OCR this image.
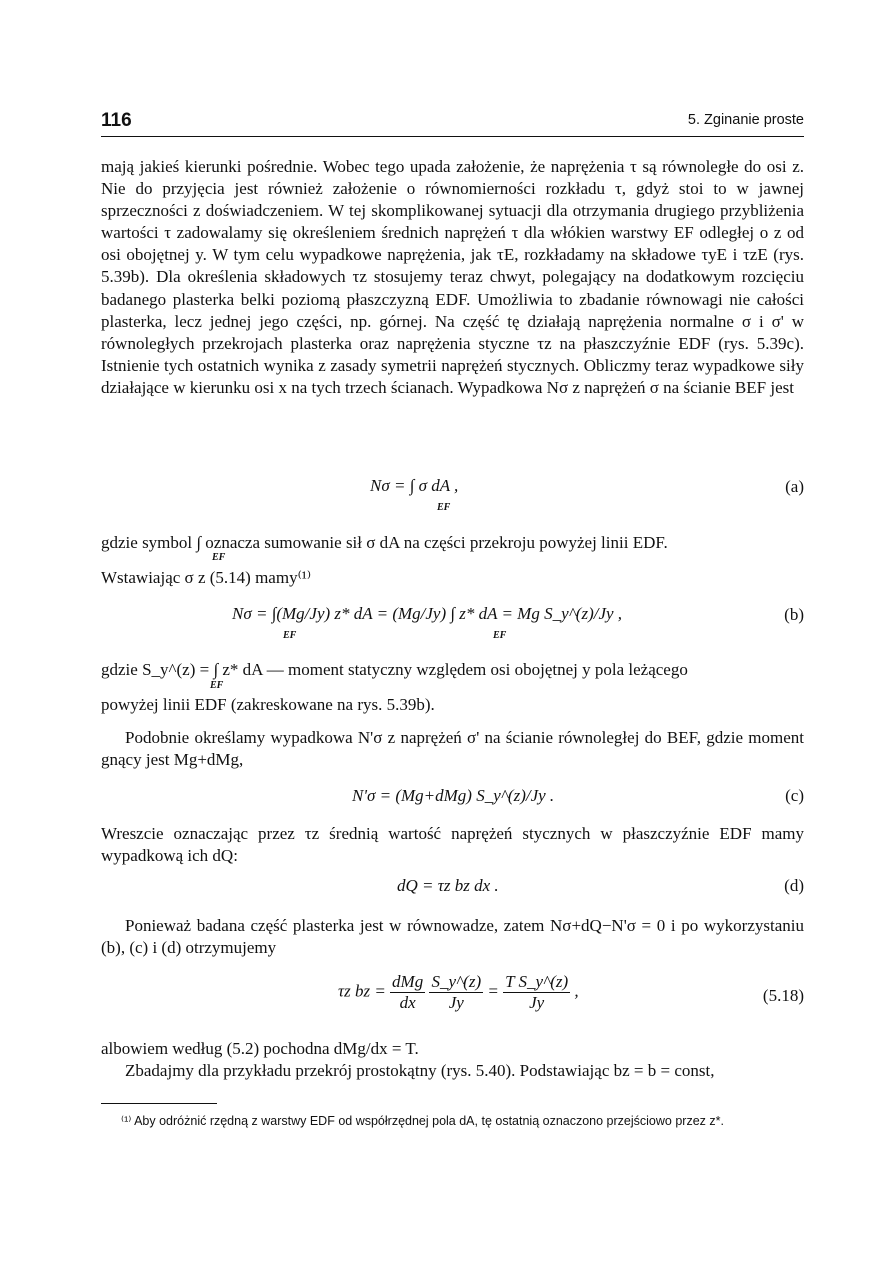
116	5. Zginanie proste

mają jakieś kierunki pośrednie. Wobec tego upada założenie, że naprężenia τ są równoległe do osi z. Nie do przyjęcia jest również założenie o równomierności rozkładu τ, gdyż stoi to w jawnej sprzeczności z doświadczeniem. W tej skomplikowanej sytuacji dla otrzymania drugiego przybliżenia wartości τ zadowalamy się określeniem średnich naprężeń τ dla włókien warstwy EF odległej o z od osi obojętnej y. W tym celu wypadkowe naprężenia, jak τE, rozkładamy na składowe τyE i τzE (rys. 5.39b). Dla określenia składowych τz stosujemy teraz chwyt, polegający na dodatkowym rozcięciu badanego plasterka belki poziomą płaszczyzną EDF. Umożliwia to zbadanie równowagi nie całości plasterka, lecz jednej jego części, np. górnej. Na część tę działają naprężenia normalne σ i σ' w równoległych przekrojach plasterka oraz naprężenia styczne τz na płaszczyźnie EDF (rys. 5.39c). Istnienie tych ostatnich wynika z zasady symetrii naprężeń stycznych. Obliczmy teraz wypadkowe siły działające w kierunku osi x na tych trzech ścianach. Wypadkowa Nσ z naprężeń σ na ścianie BEF jest

Nσ = ∫ σ dA ,
EF
(a)

gdzie symbol ∫ oznacza sumowanie sił σ dA na części przekroju powyżej linii EDF.

EF

Wstawiając σ z (5.14) mamy⁽¹⁾

Nσ = ∫(Mg/Jy) z* dA = (Mg/Jy) ∫ z* dA = Mg S_y^(z)/Jy ,
EF	EF
(b)

gdzie S_y^(z) = ∫ z* dA — moment statyczny względem osi obojętnej y pola leżącego

EF

powyżej linii EDF (zakreskowane na rys. 5.39b).

Podobnie określamy wypadkowa N'σ z naprężeń σ' na ścianie równoległej do BEF, gdzie moment gnący jest Mg+dMg,

N'σ = (Mg+dMg) S_y^(z)/Jy .	(c)

Wreszcie oznaczając przez τz średnią wartość naprężeń stycznych w płaszczyźnie EDF mamy wypadkową ich dQ:

dQ = τz bz dx .	(d)

Ponieważ badana część plasterka jest w równowadze, zatem Nσ+dQ−N'σ = 0 i po wykorzystaniu (b), (c) i (d) otrzymujemy

τz bz = $\frac{\text{dMg}}{dx}$
$\frac{S\_y\^{}(z)}{Jy} = \frac{\text{T S\_y\textasciicircum{}(z)}}{Jy}$ ,	(5.18)

albowiem według (5.2) pochodna dMg/dx = T.

Zbadajmy dla przykładu przekrój prostokątny (rys. 5.40). Podstawiając bz = b = const,

⁽¹⁾ Aby odróżnić rzędną z warstwy EDF od współrzędnej pola dA, tę ostatnią oznaczono przejściowo przez z*.
